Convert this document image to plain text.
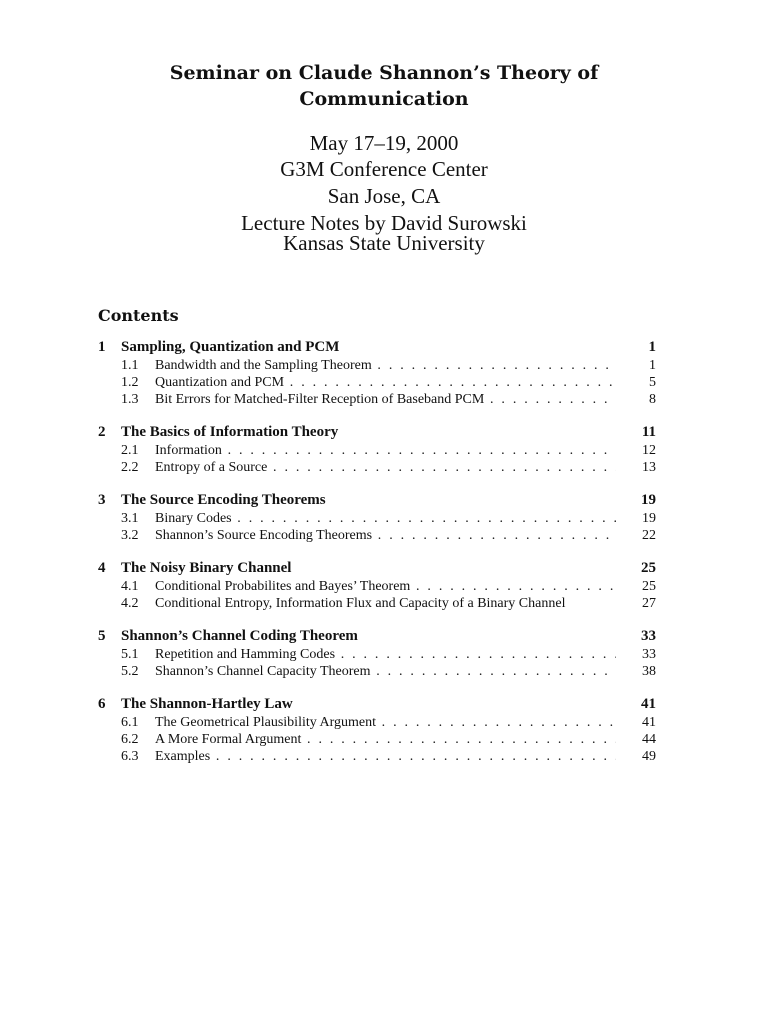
Seminar on Claude Shannon’s Theory of
Communication
May 17–19, 2000
G3M Conference Center
San Jose, CA
Lecture Notes by David Surowski
Kansas State University
Contents
1 Sampling, Quantization and PCM	1
1.1 Bandwidth and the Sampling Theorem . . .	1
1.2 Quantization and PCM . . .	5
1.3 Bit Errors for Matched-Filter Reception of Baseband PCM . . .	8
2 The Basics of Information Theory	11
2.1 Information . . .	12
2.2 Entropy of a Source . . .	13
3 The Source Encoding Theorems	19
3.1 Binary Codes . . .	19
3.2 Shannon’s Source Encoding Theorems . . .	22
4 The Noisy Binary Channel	25
4.1 Conditional Probabilites and Bayes’ Theorem . . .	25
4.2 Conditional Entropy, Information Flux and Capacity of a Binary Channel	27
5 Shannon’s Channel Coding Theorem	33
5.1 Repetition and Hamming Codes . . .	33
5.2 Shannon’s Channel Capacity Theorem . . .	38
6 The Shannon-Hartley Law	41
6.1 The Geometrical Plausibility Argument . . .	41
6.2 A More Formal Argument . . .	44
6.3 Examples . . .	49
